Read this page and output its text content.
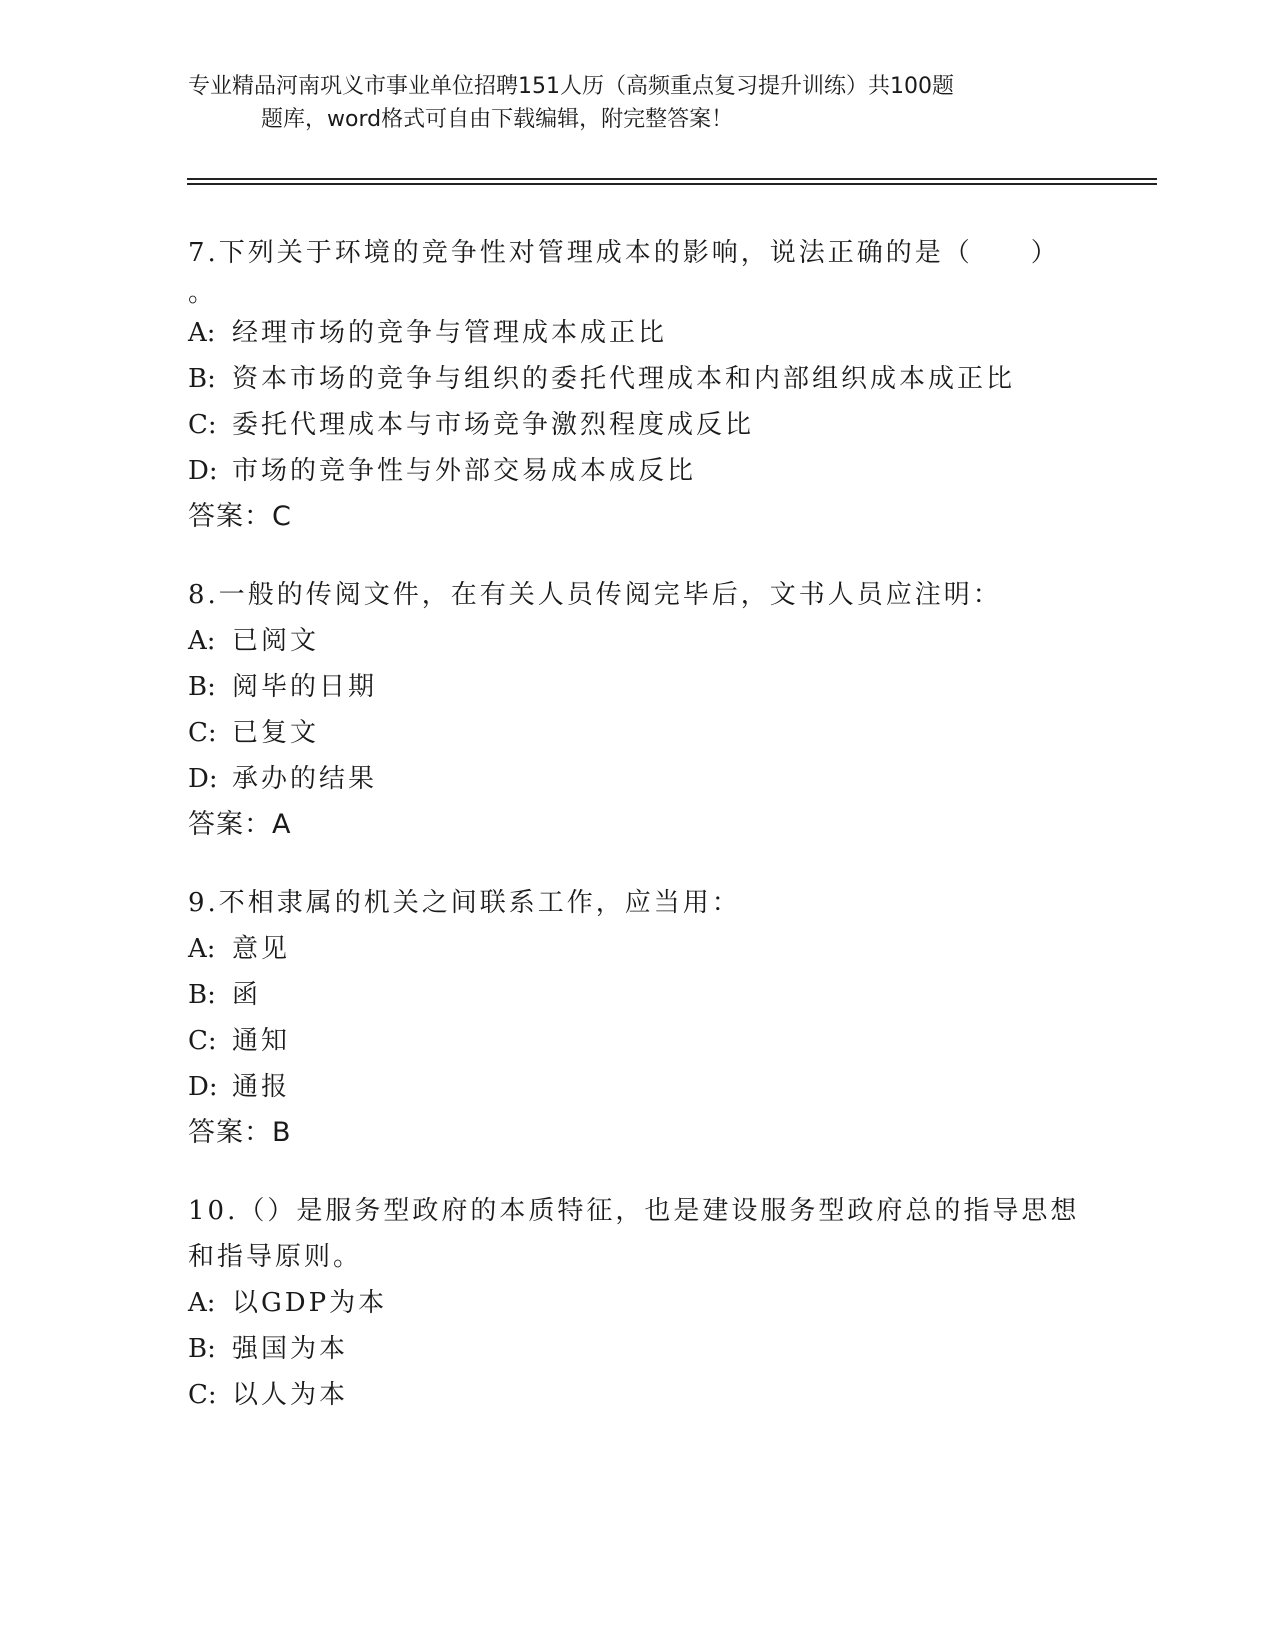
专业精品河南巩义市事业单位招聘151人历（高频重点复习提升训练）共100题
题库，word格式可自由下载编辑，附完整答案！

7.下列关于环境的竞争性对管理成本的影响，说法正确的是（　　）

。

A: 经理市场的竞争与管理成本成正比
B: 资本市场的竞争与组织的委托代理成本和内部组织成本成正比
C: 委托代理成本与市场竞争激烈程度成反比
D: 市场的竞争性与外部交易成本成反比
答案：C

8.一般的传阅文件，在有关人员传阅完毕后，文书人员应注明：

A: 已阅文
B: 阅毕的日期
C: 已复文
D: 承办的结果
答案：A

9.不相隶属的机关之间联系工作，应当用：

A: 意见
B: 函
C: 通知
D: 通报
答案：B

10.（）是服务型政府的本质特征，也是建设服务型政府总的指导思想

和指导原则。

A: 以GDP为本
B: 强国为本
C: 以人为本
